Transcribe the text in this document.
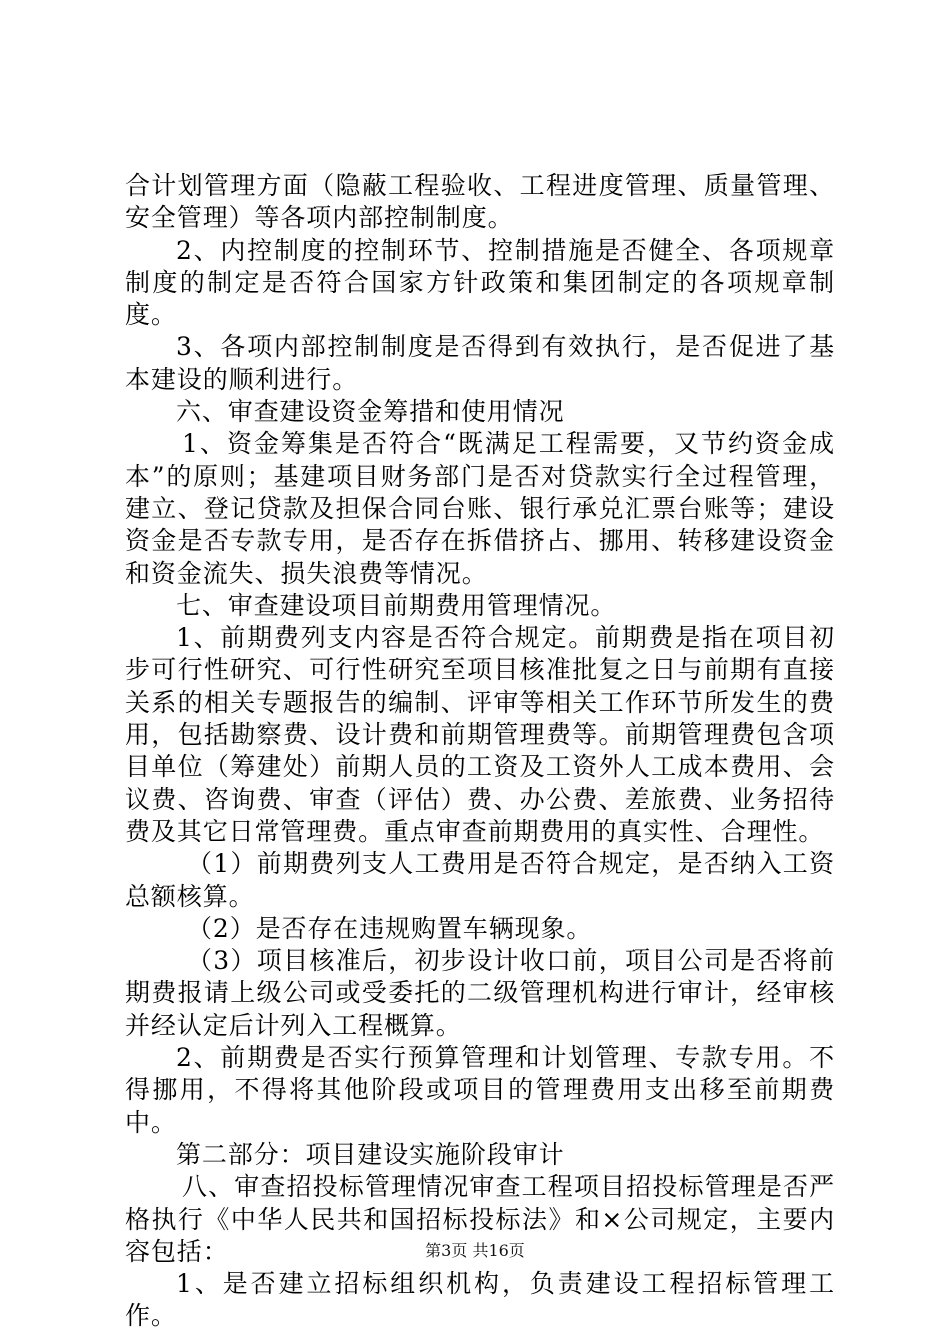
合计划管理方面（隐蔽工程验收、工程进度管理、质量管理、安全管理）等各项内部控制制度。

2、内控制度的控制环节、控制措施是否健全、各项规章制度的制定是否符合国家方针政策和集团制定的各项规章制度。

3、各项内部控制制度是否得到有效执行，是否促进了基本建设的顺利进行。

六、审查建设资金筹措和使用情况

1、资金筹集是否符合“既满足工程需要，又节约资金成本”的原则；基建项目财务部门是否对贷款实行全过程管理，建立、登记贷款及担保合同台账、银行承兑汇票台账等；建设资金是否专款专用，是否存在拆借挤占、挪用、转移建设资金和资金流失、损失浪费等情况。

七、审查建设项目前期费用管理情况。

1、前期费列支内容是否符合规定。前期费是指在项目初步可行性研究、可行性研究至项目核准批复之日与前期有直接关系的相关专题报告的编制、评审等相关工作环节所发生的费用，包括勘察费、设计费和前期管理费等。前期管理费包含项目单位（筹建处）前期人员的工资及工资外人工成本费用、会议费、咨询费、审查（评估）费、办公费、差旅费、业务招待费及其它日常管理费。重点审查前期费用的真实性、合理性。

（1）前期费列支人工费用是否符合规定，是否纳入工资总额核算。

（2）是否存在违规购置车辆现象。

（3）项目核准后，初步设计收口前，项目公司是否将前期费报请上级公司或受委托的二级管理机构进行审计，经审核并经认定后计列入工程概算。

2、前期费是否实行预算管理和计划管理、专款专用。不得挪用，不得将其他阶段或项目的管理费用支出移至前期费中。

第二部分：项目建设实施阶段审计

八、审查招投标管理情况审查工程项目招投标管理是否严格执行《中华人民共和国招标投标法》和×公司规定，主要内容包括：

1、是否建立招标组织机构，负责建设工程招标管理工作。

第3页 共16页
